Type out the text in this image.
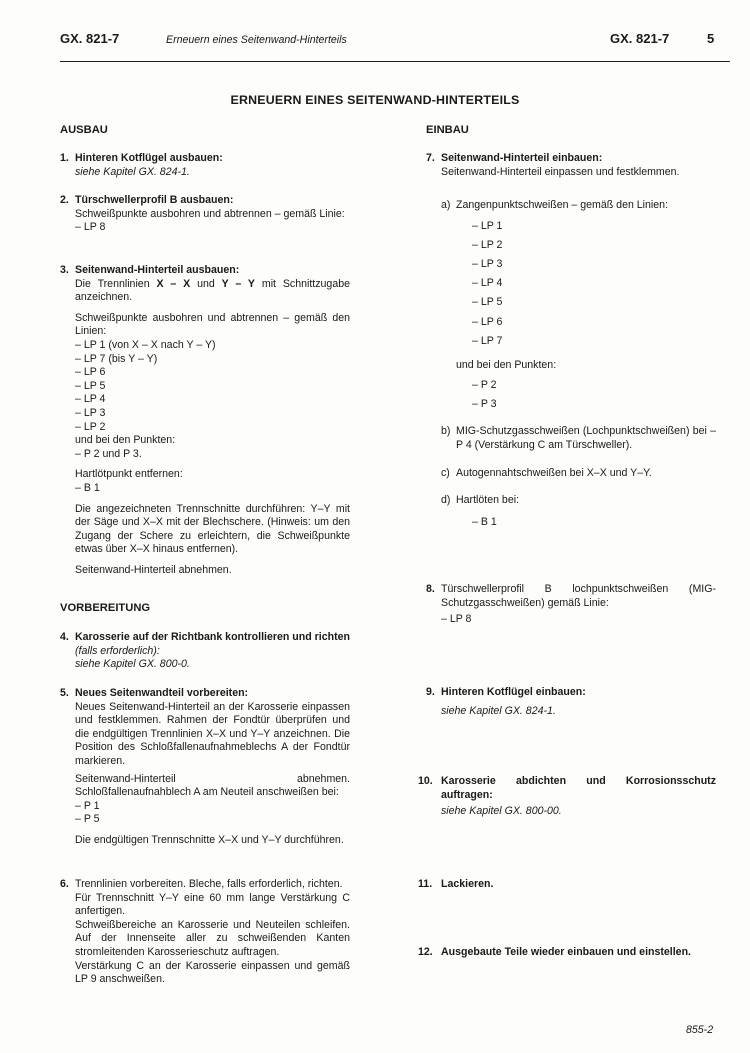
GX. 821-7	Erneuern eines Seitenwand-Hinterteils	GX. 821-7	5
ERNEUERN EINES SEITENWAND-HINTERTEILS
AUSBAU
1. Hinteren Kotflügel ausbauen:

siehe Kapitel GX. 824-1.

2. Türschwellerprofil B ausbauen:

Schweißpunkte ausbohren und abtrennen – gemäß Linie:

– LP 8

3. Seitenwand-Hinterteil ausbauen:

Die Trennlinien X – X und Y – Y mit Schnittzugabe anzeichnen.

Schweißpunkte ausbohren und abtrennen – gemäß den Linien:

– LP 1 (von X – X nach Y – Y)

– LP 7 (bis Y – Y)

– LP 6

– LP 5

– LP 4

– LP 3

– LP 2

und bei den Punkten:

– P 2 und P 3.

Hartlötpunkt entfernen:

– B 1

Die angezeichneten Trennschnitte durchführen: Y–Y mit der Säge und X–X mit der Blechschere. (Hinweis: um den Zugang der Schere zu erleichtern, die Schweißpunkte etwas über X–X hinaus entfernen).

Seitenwand-Hinterteil abnehmen.

VORBEREITUNG
4. Karosserie auf der Richtbank kontrollieren und richten (falls erforderlich):

siehe Kapitel GX. 800-0.

5. Neues Seitenwandteil vorbereiten:

Neues Seitenwand-Hinterteil an der Karosserie einpassen und festklemmen. Rahmen der Fondtür überprüfen und die endgültigen Trennlinien X–X und Y–Y anzeichnen. Die Position des Schloßfallenaufnahmeblechs A der Fondtür markieren.

Seitenwand-Hinterteil abnehmen. Schloßfallenaufnahblech A am Neuteil anschweißen bei:

– P 1

– P 5

Die endgültigen Trennschnitte X–X und Y–Y durchführen.

6. Trennlinien vorbereiten. Bleche, falls erforderlich, richten.

Für Trennschnitt Y–Y eine 60 mm lange Verstärkung C anfertigen.

Schweißbereiche an Karosserie und Neuteilen schleifen. Auf der Innenseite aller zu schweißenden Kanten stromleitenden Karosserieschutz auftragen.

Verstärkung C an der Karosserie einpassen und gemäß LP 9 anschweißen.

EINBAU
7. Seitenwand-Hinterteil einbauen:

Seitenwand-Hinterteil einpassen und festklemmen.

a) Zangenpunktschweißen – gemäß den Linien:

– LP 1

– LP 2

– LP 3

– LP 4

– LP 5

– LP 6

– LP 7

und bei den Punkten:

– P 2

– P 3

b) MIG-Schutzgasschweißen (Lochpunktschweißen) bei – P 4 (Verstärkung C am Türschweller).

c) Autogennahtschweißen bei X–X und Y–Y.

d) Hartlöten bei:

– B 1

8. Türschwellerprofil B lochpunktschweißen (MIG-Schutzgasschweißen) gemäß Linie:

– LP 8

9. Hinteren Kotflügel einbauen:

siehe Kapitel GX. 824-1.

10. Karosserie abdichten und Korrosionsschutz auftragen:

siehe Kapitel GX. 800-00.

11. Lackieren.

12. Ausgebaute Teile wieder einbauen und einstellen.

855-2
